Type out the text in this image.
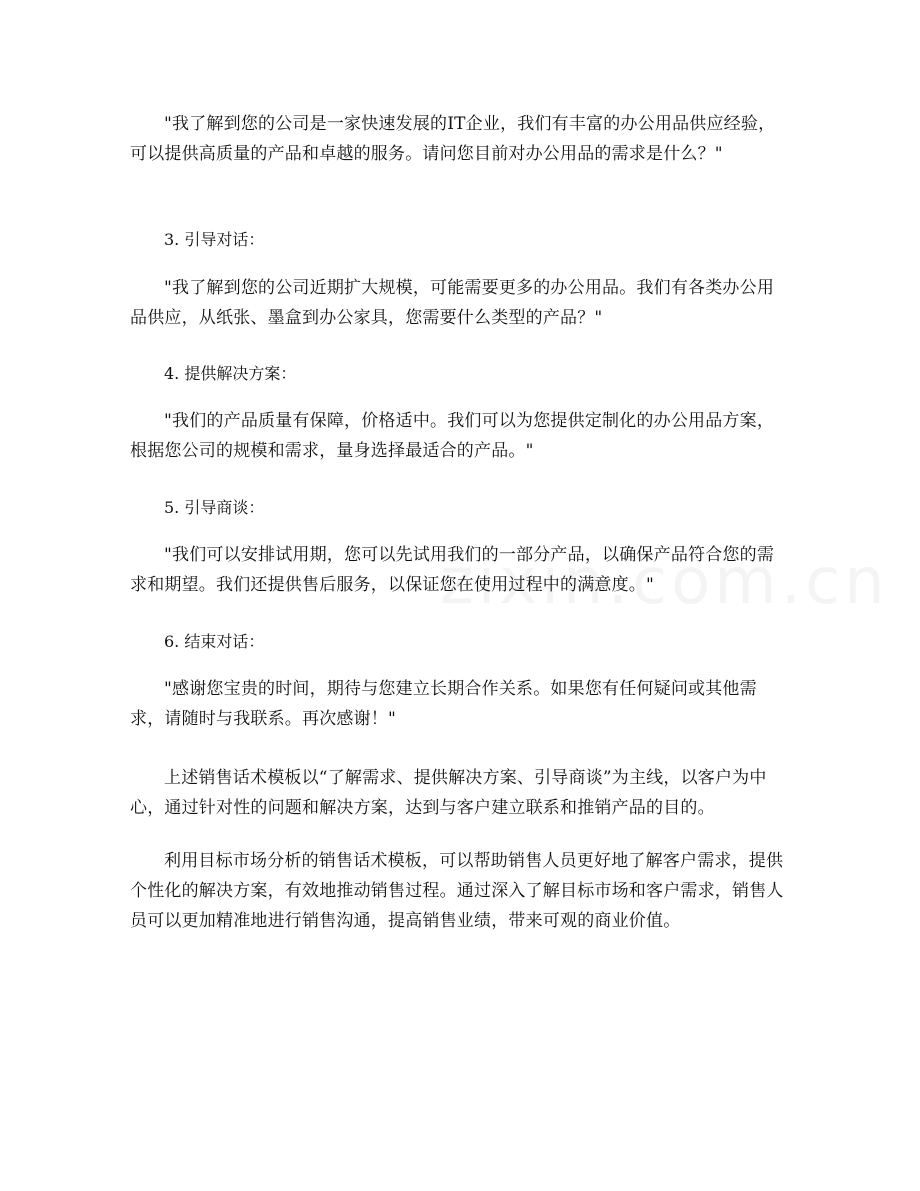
"我了解到您的公司是一家快速发展的IT企业，我们有丰富的办公用品供应经验，可以提供高质量的产品和卓越的服务。请问您目前对办公用品的需求是什么？"

3. 引导对话：

"我了解到您的公司近期扩大规模，可能需要更多的办公用品。我们有各类办公用品供应，从纸张、墨盒到办公家具，您需要什么类型的产品？"

4. 提供解决方案：

"我们的产品质量有保障，价格适中。我们可以为您提供定制化的办公用品方案，根据您公司的规模和需求，量身选择最适合的产品。"

5. 引导商谈：

"我们可以安排试用期，您可以先试用我们的一部分产品，以确保产品符合您的需求和期望。我们还提供售后服务，以保证您在使用过程中的满意度。"

6. 结束对话：

"感谢您宝贵的时间，期待与您建立长期合作关系。如果您有任何疑问或其他需求，请随时与我联系。再次感谢！"

上述销售话术模板以“了解需求、提供解决方案、引导商谈”为主线，以客户为中心，通过针对性的问题和解决方案，达到与客户建立联系和推销产品的目的。

利用目标市场分析的销售话术模板，可以帮助销售人员更好地了解客户需求，提供个性化的解决方案，有效地推动销售过程。通过深入了解目标市场和客户需求，销售人员可以更加精准地进行销售沟通，提高销售业绩，带来可观的商业价值。
